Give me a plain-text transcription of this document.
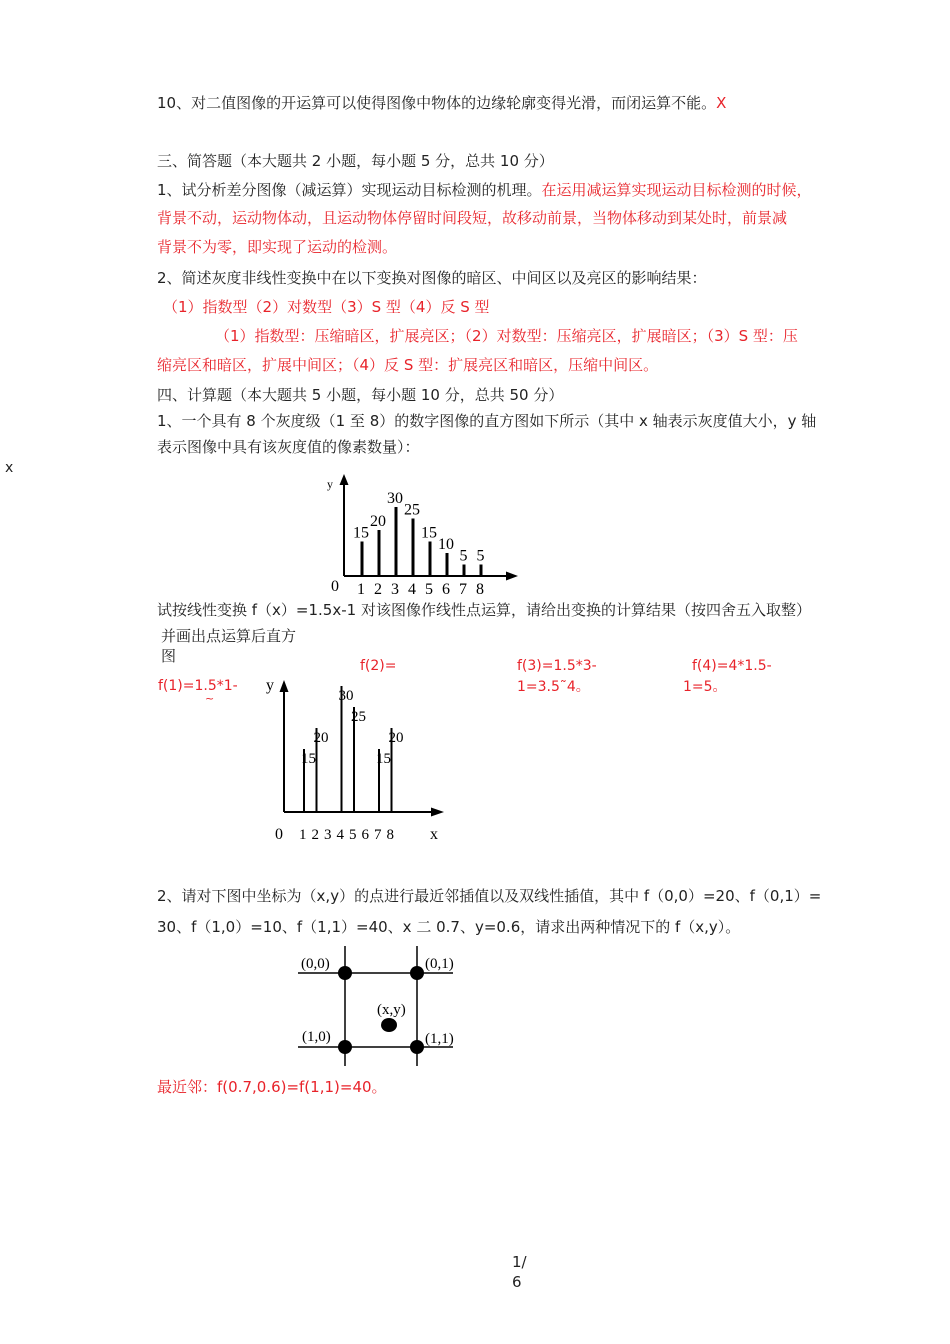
10、对二值图像的开运算可以使得图像中物体的边缘轮廓变得光滑，而闭运算不能。X
三、简答题（本大题共 2 小题，每小题 5 分，总共 10 分）
1、试分析差分图像（减运算）实现运动目标检测的机理。在运用减运算实现运动目标检测的时候，
背景不动，运动物体动，且运动物体停留时间段短，故移动前景，当物体移动到某处时，前景减
背景不为零，即实现了运动的检测。
2、简述灰度非线性变换中在以下变换对图像的暗区、中间区以及亮区的影响结果：
（1）指数型（2）对数型（3）S 型（4）反 S 型
（1）指数型：压缩暗区，扩展亮区；（2）对数型：压缩亮区，扩展暗区；（3）S 型：压
缩亮区和暗区，扩展中间区；（4）反 S 型：扩展亮区和暗区，压缩中间区。
四、计算题（本大题共 5 小题，每小题 10 分，总共 50 分）
1、一个具有 8 个灰度级（1 至 8）的数字图像的直方图如下所示（其中 x 轴表示灰度值大小，y 轴
表示图像中具有该灰度值的像素数量）：
x
y
0 1
15
2
20
3
30
4
25
5
15
6
10
7
5
8
5
试按线性变换 f（x）=1.5x-1 对该图像作线性点运算，请给出变换的计算结果（按四舍五入取整）
并画出点运算后直方
图
f(1)=1.5*1-
~
f(2)=	f(3)=1.5*3-
1=3.5˜4。
f(4)=4*1.5-
1=5。
y
0	x
1
15
2
20
3 4
30
5
25
6 7
15
8
20
2、请对下图中坐标为（x,y）的点进行最近邻插值以及双线性插值，其中 f（0,0）=20、f（0,1）=
30、f（1,0）=10、f（1,1）=40、x 二 0.7、y=0.6，请求出两种情况下的 f（x,y）。
(0,0)	(0,1)
(1,0)	(1,1)
(x,y)
最近邻：f(0.7,0.6)=f(1,1)=40。
1/
6
